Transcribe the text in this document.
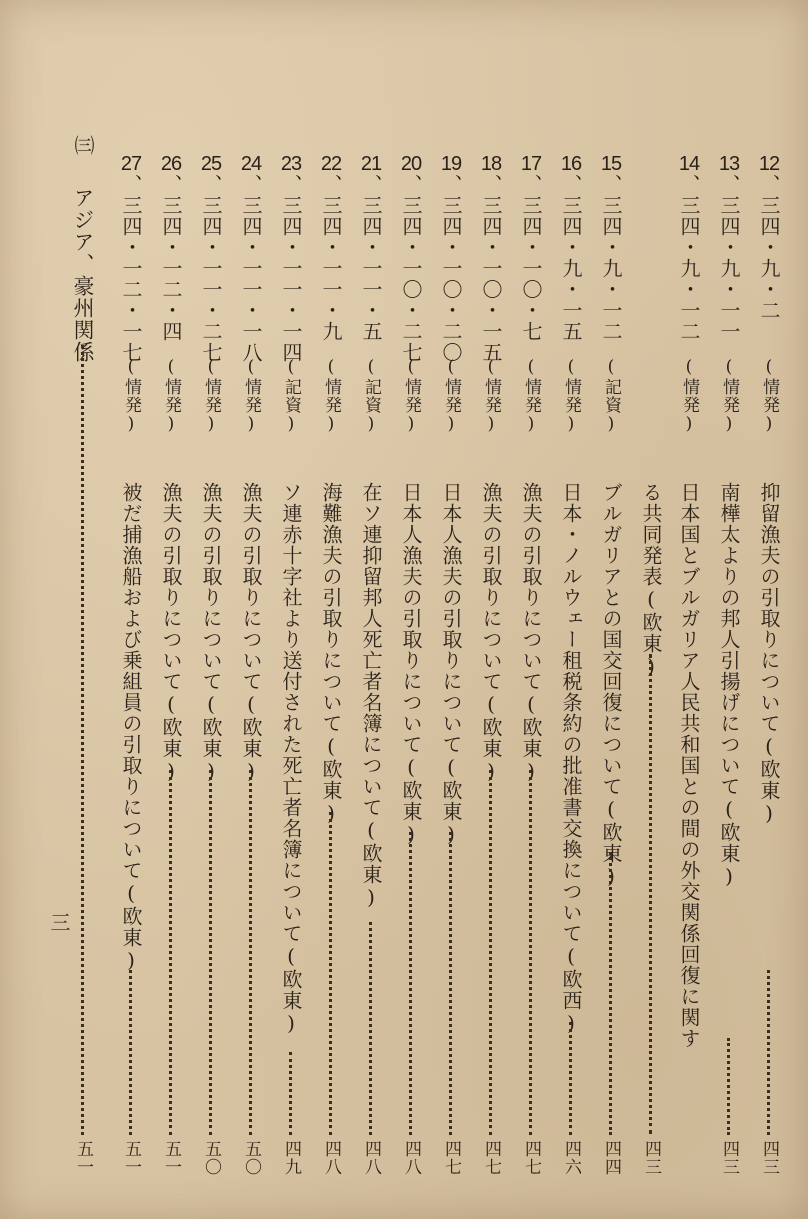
12
、三四・九・二
(情発)
抑留漁夫の引取りについて(欧東)
四三
13
、三四・九・一一
(情発)
南樺太よりの邦人引揚げについて(欧東)
四三
14
、三四・九・一二
(情発)
日本国とブルガリア人民共和国との間の外交関係回復に関す
る共同発表(欧東)
四三
15
、三四・九・一二
(記資)
ブルガリアとの国交回復について(欧東)
四四
16
、三四・九・一五
(情発)
日本・ノルウェー租税条約の批准書交換について(欧西)
四六
17
、三四・一〇・七
(情発)
漁夫の引取りについて(欧東)
四七
18
、三四・一〇・一五
(情発)
漁夫の引取りについて(欧東)
四七
19
、三四・一〇・二〇
(情発)
日本人漁夫の引取りについて(欧東)
四七
20
、三四・一〇・二七
(情発)
日本人漁夫の引取りについて(欧東)
四八
21
、三四・一一・五
(記資)
在ソ連抑留邦人死亡者名簿について(欧東)
四八
22
、三四・一一・九
(情発)
海難漁夫の引取りについて(欧東)
四八
23
、三四・一一・一四
(記資)
ソ連赤十字社より送付された死亡者名簿について(欧東)
四九
24
、三四・一一・一八
(情発)
漁夫の引取りについて(欧東)
五〇
25
、三四・一一・二七
(情発)
漁夫の引取りについて(欧東)
五〇
26
、三四・一二・四
(情発)
漁夫の引取りについて(欧東)
五一
27
、三四・一二・一七
(情発)
被だ捕漁船および乗組員の引取りについて(欧東)
五一
㈢
アジア、豪州関係
五一
三
